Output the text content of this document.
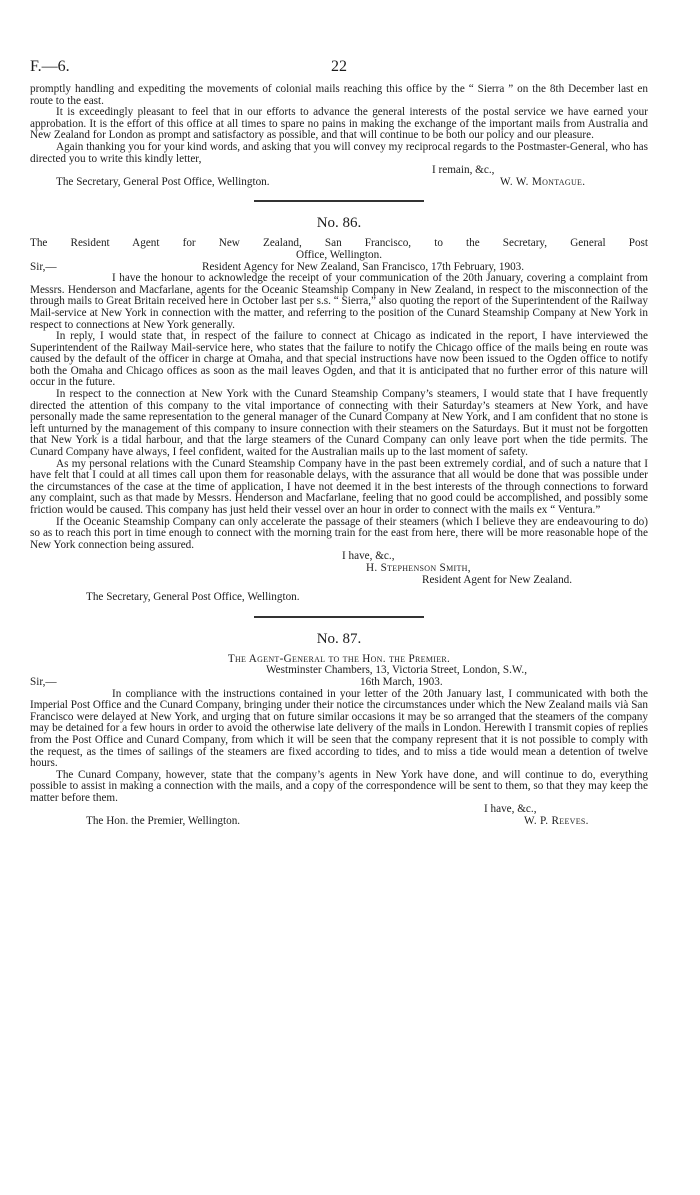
F.—6.	22

promptly handling and expediting the movements of colonial mails reaching this office by the “ Sierra ” on the 8th December last en route to the east.

It is exceedingly pleasant to feel that in our efforts to advance the general interests of the postal service we have earned your approbation. It is the effort of this office at all times to spare no pains in making the exchange of the important mails from Australia and New Zealand for London as prompt and satisfactory as possible, and that will continue to be both our policy and our pleasure.

Again thanking you for your kind words, and asking that you will convey my reciprocal regards to the Postmaster-General, who has directed you to write this kindly letter,

I remain, &c.,
The Secretary, General Post Office, Wellington.	W. W. Montague.
No. 86.

The Resident Agent for New Zealand, San Francisco, to the Secretary, General Post

Office, Wellington.
Sir,—	Resident Agency for New Zealand, San Francisco, 17th February, 1903.

I have the honour to acknowledge the receipt of your communication of the 20th January, covering a complaint from Messrs. Henderson and Macfarlane, agents for the Oceanic Steamship Company in New Zealand, in respect to the misconnection of the through mails to Great Britain received here in October last per s.s. “ Sierra,” also quoting the report of the Superintendent of the Railway Mail-service at New York in connection with the matter, and referring to the position of the Cunard Steamship Company at New York in respect to connections at New York generally.

In reply, I would state that, in respect of the failure to connect at Chicago as indicated in the report, I have interviewed the Superintendent of the Railway Mail-service here, who states that the failure to notify the Chicago office of the mails being en route was caused by the default of the officer in charge at Omaha, and that special instructions have now been issued to the Ogden office to notify both the Omaha and Chicago offices as soon as the mail leaves Ogden, and that it is anticipated that no further error of this nature will occur in the future.

In respect to the connection at New York with the Cunard Steamship Company’s steamers, I would state that I have frequently directed the attention of this company to the vital importance of connecting with their Saturday’s steamers at New York, and have personally made the same representation to the general manager of the Cunard Company at New York, and I am confident that no stone is left unturned by the management of this company to insure connection with their steamers on the Saturdays. But it must not be forgotten that New York is a tidal harbour, and that the large steamers of the Cunard Company can only leave port when the tide permits. The Cunard Company have always, I feel confident, waited for the Australian mails up to the last moment of safety.

As my personal relations with the Cunard Steamship Company have in the past been extremely cordial, and of such a nature that I have felt that I could at all times call upon them for reasonable delays, with the assurance that all would be done that was possible under the circumstances of the case at the time of application, I have not deemed it in the best interests of the through connections to forward any complaint, such as that made by Messrs. Henderson and Macfarlane, feeling that no good could be accomplished, and possibly some friction would be caused. This company has just held their vessel over an hour in order to connect with the mails ex “ Ventura.”

If the Oceanic Steamship Company can only accelerate the passage of their steamers (which I believe they are endeavouring to do) so as to reach this port in time enough to connect with the morning train for the east from here, there will be more reasonable hope of the New York connection being assured.

I have, &c.,
H. Stephenson Smith,
Resident Agent for New Zealand.
The Secretary, General Post Office, Wellington.
No. 87.
The Agent-General to the Hon. the Premier.
Westminster Chambers, 13, Victoria Street, London, S.W.,
Sir,—	16th March, 1903.

In compliance with the instructions contained in your letter of the 20th January last, I communicated with both the Imperial Post Office and the Cunard Company, bringing under their notice the circumstances under which the New Zealand mails vià San Francisco were delayed at New York, and urging that on future similar occasions it may be so arranged that the steamers of the company may be detained for a few hours in order to avoid the otherwise late delivery of the mails in London. Herewith I transmit copies of replies from the Post Office and Cunard Company, from which it will be seen that the company represent that it is not possible to comply with the request, as the times of sailings of the steamers are fixed according to tides, and to miss a tide would mean a detention of twelve hours.

The Cunard Company, however, state that the company’s agents in New York have done, and will continue to do, everything possible to assist in making a connection with the mails, and a copy of the correspondence will be sent to them, so that they may keep the matter before them.

I have, &c.,
The Hon. the Premier, Wellington.	W. P. Reeves.
